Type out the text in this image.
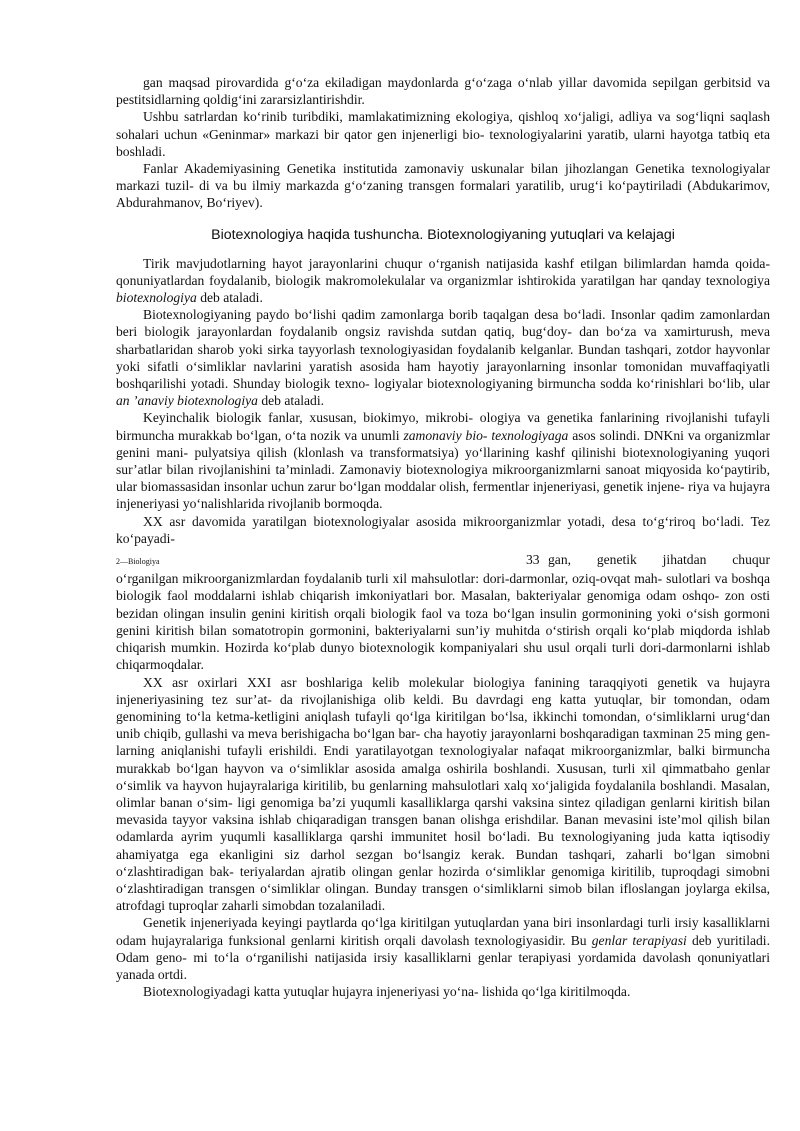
gan maqsad pirovardida g‘o‘za ekiladigan maydonlarda g‘o‘zaga o‘nlab yillar davomida sepilgan gerbitsid va pestitsidlarning qoldig‘ini zararsizlantirishdir.

Ushbu satrlardan ko‘rinib turibdiki, mamlakatimizning ekologiya, qishloq xo‘jaligi, adliya va sog‘liqni saqlash sohalari uchun «Geninmar» markazi bir qator gen injenerligi bio- texnologiyalarini yaratib, ularni hayotga tatbiq eta boshladi.

Fanlar Akademiyasining Genetika institutida zamonaviy uskunalar bilan jihozlangan Genetika texnologiyalar markazi tuzil- di va bu ilmiy markazda g‘o‘zaning transgen formalari yaratilib, urug‘i ko‘paytiriladi (Abdukarimov, Abdurahmanov, Bo‘riyev).

Biotexnologiya haqida tushuncha. Biotexnologiyaning yutuqlari va kelajagi

Tirik mavjudotlarning hayot jarayonlarini chuqur o‘rganish natijasida kashf etilgan bilimlardan hamda qoida-qonuniyatlardan foydalanib, biologik makromolekulalar va organizmlar ishtirokida yaratilgan har qanday texnologiya biotexnologiya deb ataladi.

Biotexnologiyaning paydo bo‘lishi qadim zamonlarga borib taqalgan desa bo‘ladi. Insonlar qadim zamonlardan beri biologik jarayonlardan foydalanib ongsiz ravishda sutdan qatiq, bug‘doy- dan bo‘za va xamirturush, meva sharbatlaridan sharob yoki sirka tayyorlash texnologiyasidan foydalanib kelganlar. Bundan tashqari, zotdor hayvonlar yoki sifatli o‘simliklar navlarini yaratish asosida ham hayotiy jarayonlarning insonlar tomonidan muvaffaqiyatli boshqarilishi yotadi. Shunday biologik texno- logiyalar biotexnologiyaning birmuncha sodda ko‘rinishlari bo‘lib, ular an ’anaviy biotexnologiya deb ataladi.

Keyinchalik biologik fanlar, xususan, biokimyo, mikrobi- ologiya va genetika fanlarining rivojlanishi tufayli birmuncha murakkab bo‘lgan, o‘ta nozik va unumli zamonaviy bio- texnologiyaga asos solindi. DNKni va organizmlar genini mani- pulyatsiya qilish (klonlash va transformatsiya) yo‘llarining kashf qilinishi biotexnologiyaning yuqori sur’atlar bilan rivojlanishini ta’minladi. Zamonaviy biotexnologiya mikroorganizmlarni sanoat miqyosida ko‘paytirib, ular biomassasidan insonlar uchun zarur bo‘lgan moddalar olish, fermentlar injeneriyasi, genetik injene- riya va hujayra injeneriyasi yo‘nalishlarida rivojlanib bormoqda.

XX asr davomida yaratilgan biotexnologiyalar asosida mikroorganizmlar yotadi, desa to‘g‘riroq bo‘ladi. Tez ko‘payadi-

2—Biologiya	33 gan, genetik jihatdan chuqur

o‘rganilgan mikroorganizmlardan foydalanib turli xil mahsulotlar: dori-darmonlar, oziq-ovqat mah- sulotlari va boshqa biologik faol moddalarni ishlab chiqarish imkoniyatlari bor. Masalan, bakteriyalar genomiga odam oshqo- zon osti bezidan olingan insulin genini kiritish orqali biologik faol va toza bo‘lgan insulin gormonining yoki o‘sish gormoni genini kiritish bilan somatotropin gormonini, bakteriyalarni sun’iy muhitda o‘stirish orqali ko‘plab miqdorda ishlab chiqarish mumkin. Hozirda ko‘plab dunyo biotexnologik kompaniyalari shu usul orqali turli dori-darmonlarni ishlab chiqarmoqdalar.

XX asr oxirlari XXI asr boshlariga kelib molekular biologiya fanining taraqqiyoti genetik va hujayra injeneriyasining tez sur’at- da rivojlanishiga olib keldi. Bu davrdagi eng katta yutuqlar, bir tomondan, odam genomining to‘la ketma-ketligini aniqlash tufayli qo‘lga kiritilgan bo‘lsa, ikkinchi tomondan, o‘simliklarni urug‘dan unib chiqib, gullashi va meva berishigacha bo‘lgan bar- cha hayotiy jarayonlarni boshqaradigan taxminan 25 ming gen- larning aniqlanishi tufayli erishildi. Endi yaratilayotgan texnologiyalar nafaqat mikroorganizmlar, balki birmuncha murakkab bo‘lgan hayvon va o‘simliklar asosida amalga oshirila boshlandi. Xususan, turli xil qimmatbaho genlar o‘simlik va hayvon hujayralariga kiritilib, bu genlarning mahsulotlari xalq xo‘jaligida foydalanila boshlandi. Masalan, olimlar banan o‘sim- ligi genomiga ba’zi yuqumli kasalliklarga qarshi vaksina sintez qiladigan genlarni kiritish bilan mevasida tayyor vaksina ishlab chiqaradigan transgen banan olishga erishdilar. Banan mevasini iste’mol qilish bilan odamlarda ayrim yuqumli kasalliklarga qarshi immunitet hosil bo‘ladi. Bu texnologiyaning juda katta iqtisodiy ahamiyatga ega ekanligini siz darhol sezgan bo‘lsangiz kerak. Bundan tashqari, zaharli bo‘lgan simobni o‘zlashtiradigan bak- teriyalardan ajratib olingan genlar hozirda o‘simliklar genomiga kiritilib, tuproqdagi simobni o‘zlashtiradigan transgen o‘simliklar olingan. Bunday transgen o‘simliklarni simob bilan ifloslangan joylarga ekilsa, atrofdagi tuproqlar zaharli simobdan tozalaniladi.

Genetik injeneriyada keyingi paytlarda qo‘lga kiritilgan yutuqlardan yana biri insonlardagi turli irsiy kasalliklarni odam hujayralariga funksional genlarni kiritish orqali davolash texnologiyasidir. Bu genlar terapiyasi deb yuritiladi. Odam geno- mi to‘la o‘rganilishi natijasida irsiy kasalliklarni genlar terapiyasi yordamida davolash qonuniyatlari yanada ortdi.

Biotexnologiyadagi katta yutuqlar hujayra injeneriyasi yo‘na- lishida qo‘lga kiritilmoqda.
